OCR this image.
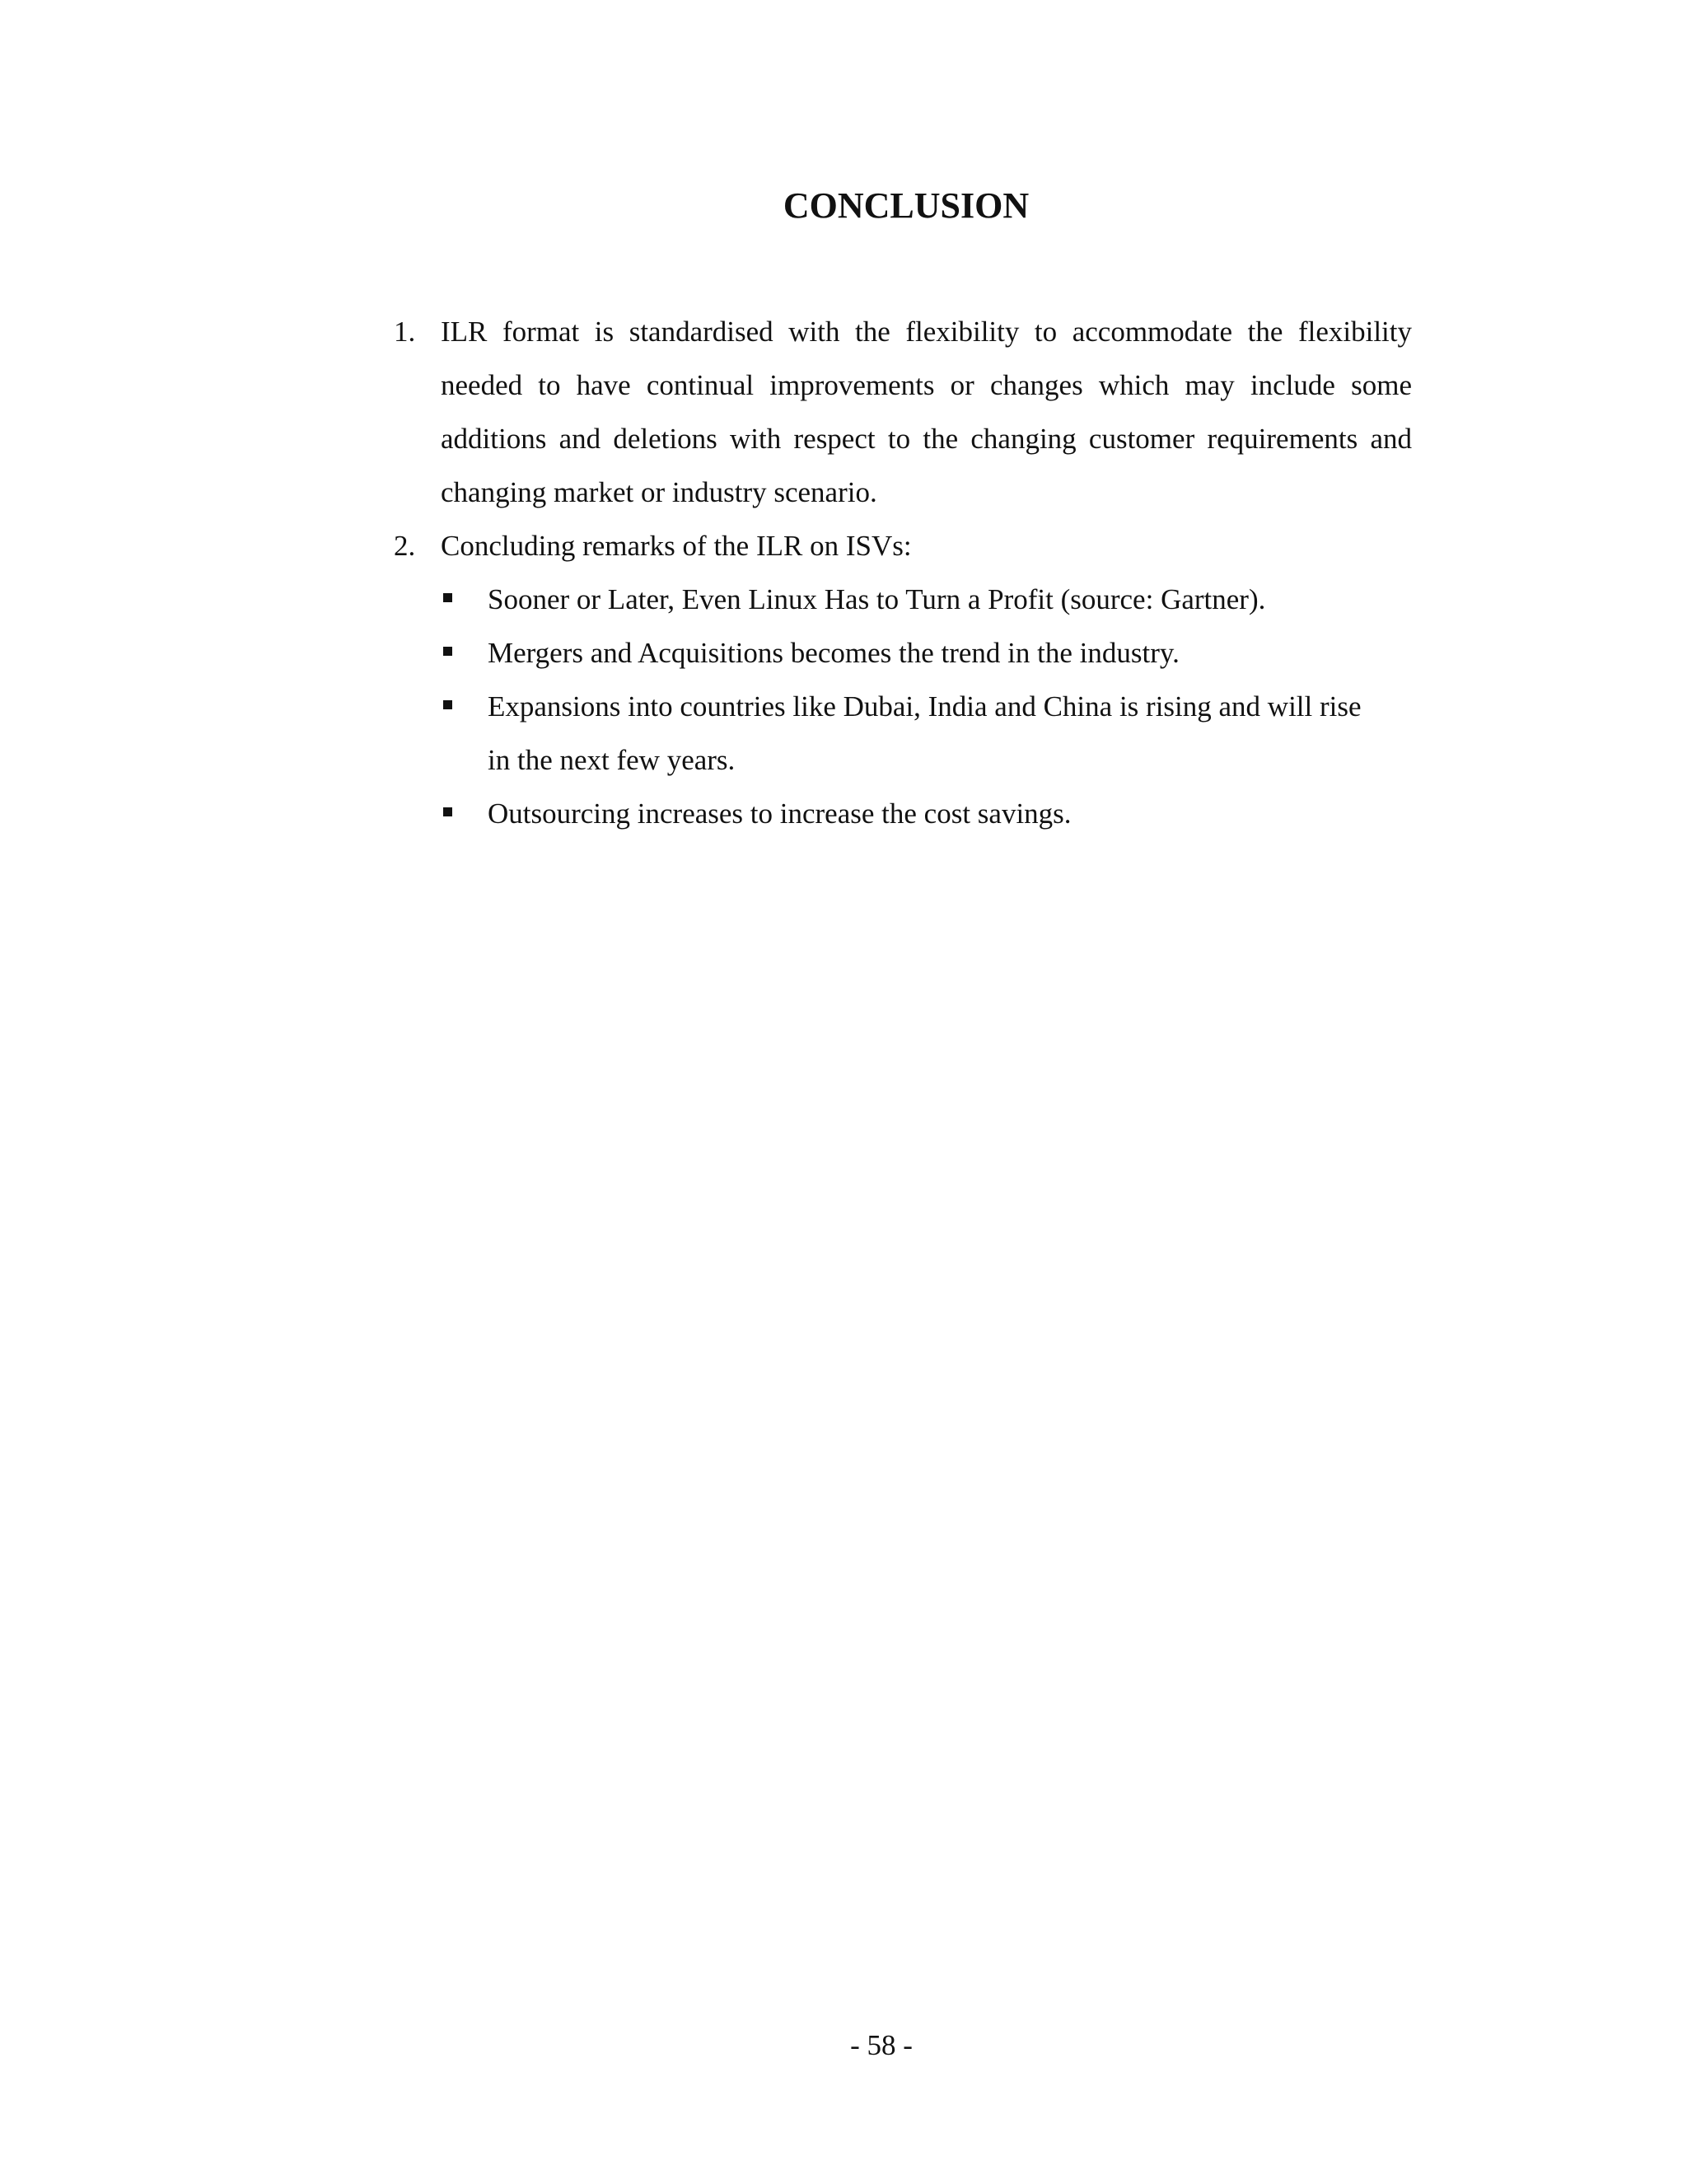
CONCLUSION
1. ILR format is standardised with the flexibility to accommodate the flexibility needed to have continual improvements or changes which may include some additions and deletions with respect to the changing customer requirements and changing market or industry scenario.
2. Concluding remarks of the ILR on ISVs:
Sooner or Later, Even Linux Has to Turn a Profit (source: Gartner).
Mergers and Acquisitions becomes the trend in the industry.
Expansions into countries like Dubai, India and China is rising and will rise in the next few years.
Outsourcing increases to increase the cost savings.
- 58 -
